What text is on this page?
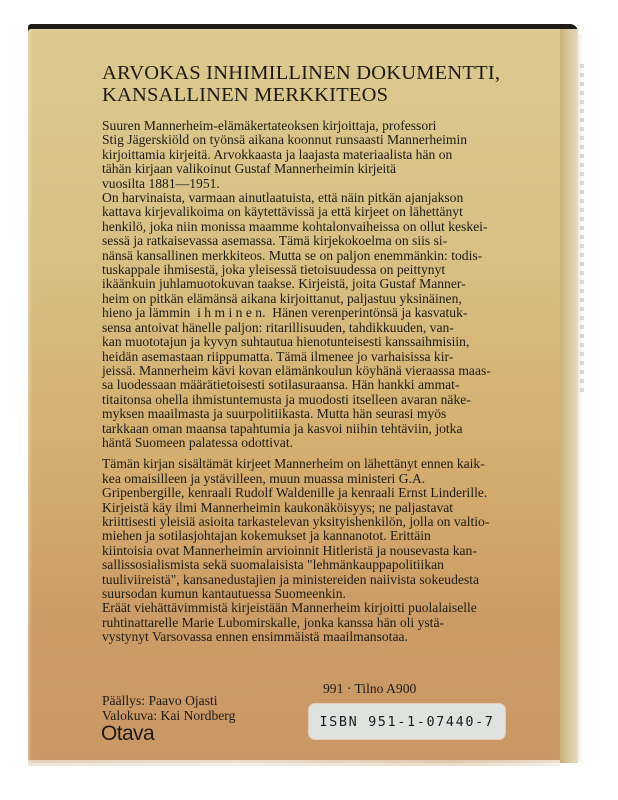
ARVOKAS INHIMILLINEN DOKUMENTTI,
KANSALLINEN MERKKITEOS
Suuren Mannerheim-elämäkertateoksen kirjoittaja, professori
Stig Jägerskiöld on työnsä aikana koonnut runsaasti Mannerheimin
kirjoittamia kirjeitä. Arvokkaasta ja laajasta materiaalista hän on
tähän kirjaan valikoinut Gustaf Mannerheimin kirjeitä
vuosilta 1881—1951.
On harvinaista, varmaan ainutlaatuista, että näin pitkän ajanjakson
kattava kirjevalikoima on käytettävissä ja että kirjeet on lähettänyt
henkilö, joka niin monissa maamme kohtalonvaiheissa on ollut keskei-
sessä ja ratkaisevassa asemassa. Tämä kirjekokoelma on siis si-
nänsä kansallinen merkkiteos. Mutta se on paljon enemmänkin: todis-
tuskappale ihmisestä, joka yleisessä tietoisuudessa on peittynyt
ikäänkuin juhlamuotokuvan taakse. Kirjeistä, joita Gustaf Manner-
heim on pitkän elämänsä aikana kirjoittanut, paljastuu yksinäinen,
hieno ja lämmin  i h m i n e n.  Hänen verenperintönsä ja kasvatuk-
sensa antoivat hänelle paljon: ritarillisuuden, tahdikkuuden, van-
kan muototajun ja kyvyn suhtautua hienotunteisesti kanssaihmisiin,
heidän asemastaan riippumatta. Tämä ilmenee jo varhaisissa kir-
jeissä. Mannerheim kävi kovan elämänkoulun köyhänä vieraassa maas-
sa luodessaan määrätietoisesti sotilasuraansa. Hän hankki ammat-
titaitonsa ohella ihmistuntemusta ja muodosti itselleen avaran näke-
myksen maailmasta ja suurpolitiikasta. Mutta hän seurasi myös
tarkkaan oman maansa tapahtumia ja kasvoi niihin tehtäviin, jotka
häntä Suomeen palatessa odottivat.
Tämän kirjan sisältämät kirjeet Mannerheim on lähettänyt ennen kaik-
kea omaisilleen ja ystävilleen, muun muassa ministeri G.A.
Gripenbergille, kenraali Rudolf Waldenille ja kenraali Ernst Linderille.
Kirjeistä käy ilmi Mannerheimin kaukonäköisyys; ne paljastavat
kriittisesti yleisiä asioita tarkastelevan yksityishenkilön, jolla on valtio-
miehen ja sotilasjohtajan kokemukset ja kannanotot. Erittäin
kiintoisia ovat Mannerheimin arvioinnit Hitleristä ja nousevasta kan-
sallissosialismista sekä suomalaisista "lehmänkauppapolitiikan
tuuliviireistä", kansanedustajien ja ministereiden naiivista sokeudesta
suursodan kumun kantautuessa Suomeenkin.
Eräät viehättävimmistä kirjeistään Mannerheim kirjoitti puolalaiselle
ruhtinattarelle Marie Lubomirskalle, jonka kanssa hän oli ystä-
vystynyt Varsovassa ennen ensimmäistä maailmansotaa.
991 · Tilno A900
Päällys: Paavo Ojasti
Valokuva: Kai Nordberg
Otava
ISBN 951-1-07440-7
